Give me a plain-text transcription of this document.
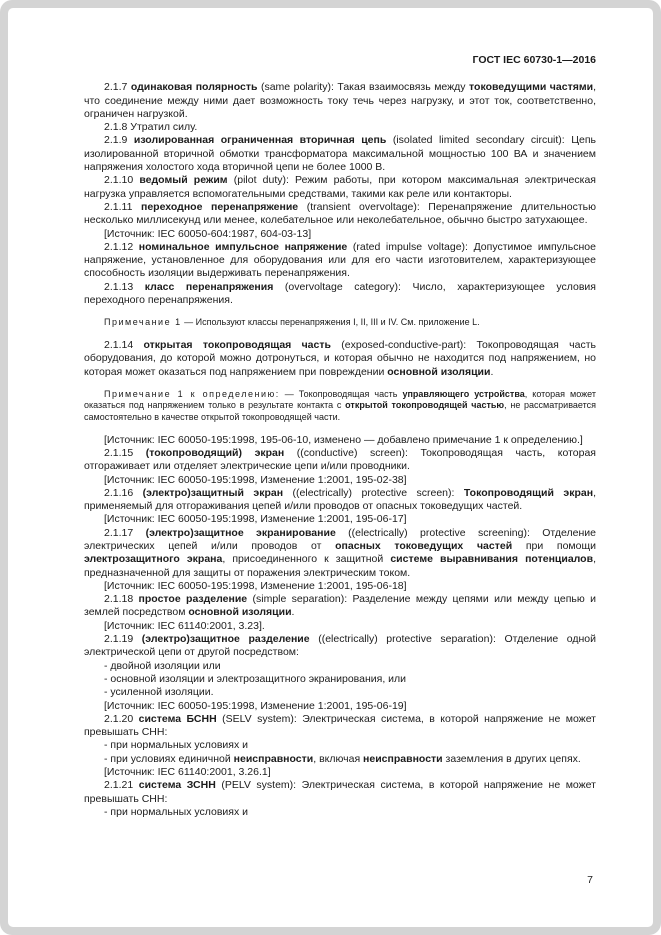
ГОСТ IEC 60730-1—2016

2.1.7 одинаковая полярность (same polarity): Такая взаимосвязь между токоведущими частями, что соединение между ними дает возможность току течь через нагрузку, и этот ток, соответственно, ограничен нагрузкой.

2.1.8 Утратил силу.

2.1.9 изолированная ограниченная вторичная цепь (isolated limited secondary circuit): Цепь изолированной вторичной обмотки трансформатора максимальной мощностью 100 ВА и значением напряжения холостого хода вторичной цепи не более 1000 В.

2.1.10 ведомый режим (pilot duty): Режим работы, при котором максимальная электрическая нагрузка управляется вспомогательными средствами, такими как реле или контакторы.

2.1.11 переходное перенапряжение (transient overvoltage): Перенапряжение длительностью несколько миллисекунд или менее, колебательное или неколебательное, обычно быстро затухающее.

[Источник: IEC 60050-604:1987, 604-03-13]

2.1.12 номинальное импульсное напряжение (rated impulse voltage): Допустимое импульсное напряжение, установленное для оборудования или для его части изготовителем, характеризующее способность изоляции выдерживать перенапряжения.

2.1.13 класс перенапряжения (overvoltage category): Число, характеризующее условия переходного перенапряжения.

Примечание 1 — Используют классы перенапряжения I, II, III и IV. См. приложение L.

2.1.14 открытая токопроводящая часть (exposed-conductive-part): Токопроводящая часть оборудования, до которой можно дотронуться, и которая обычно не находится под напряжением, но которая может оказаться под напряжением при повреждении основной изоляции.

Примечание 1 к определению: — Токопроводящая часть управляющего устройства, которая может оказаться под напряжением только в результате контакта с открытой токопроводящей частью, не рассматривается самостоятельно в качестве открытой токопроводящей части.

[Источник: IEC 60050-195:1998, 195-06-10, изменено — добавлено примечание 1 к определению.]

2.1.15 (токопроводящий) экран ((conductive) screen): Токопроводящая часть, которая отгораживает или отделяет электрические цепи и/или проводники.

[Источник: IEC 60050-195:1998, Изменение 1:2001, 195-02-38]

2.1.16 (электро)защитный экран ((electrically) protective screen): Токопроводящий экран, применяемый для отгораживания цепей и/или проводов от опасных токоведущих частей.

[Источник: IEC 60050-195:1998, Изменение 1:2001, 195-06-17]

2.1.17 (электро)защитное экранирование ((electrically) protective screening): Отделение электрических цепей и/или проводов от опасных токоведущих частей при помощи электрозащитного экрана, присоединенного к защитной системе выравнивания потенциалов, предназначенной для защиты от поражения электрическим током.

[Источник: IEC 60050-195:1998, Изменение 1:2001, 195-06-18]

2.1.18 простое разделение (simple separation): Разделение между цепями или между цепью и землей посредством основной изоляции.

[Источник: IEC 61140:2001, 3.23].

2.1.19 (электро)защитное разделение ((electrically) protective separation): Отделение одной электрической цепи от другой посредством:

- двойной изоляции или

- основной изоляции и электрозащитного экранирования, или

- усиленной изоляции.

[Источник: IEC 60050-195:1998, Изменение 1:2001, 195-06-19]

2.1.20 система БСНН (SELV system): Электрическая система, в которой напряжение не может превышать СНН:

- при нормальных условиях и

- при условиях единичной неисправности, включая неисправности заземления в других цепях.

[Источник: IEC 61140:2001, 3.26.1]

2.1.21 система ЗСНН (PELV system): Электрическая система, в которой напряжение не может превышать СНН:

- при нормальных условиях и

7
